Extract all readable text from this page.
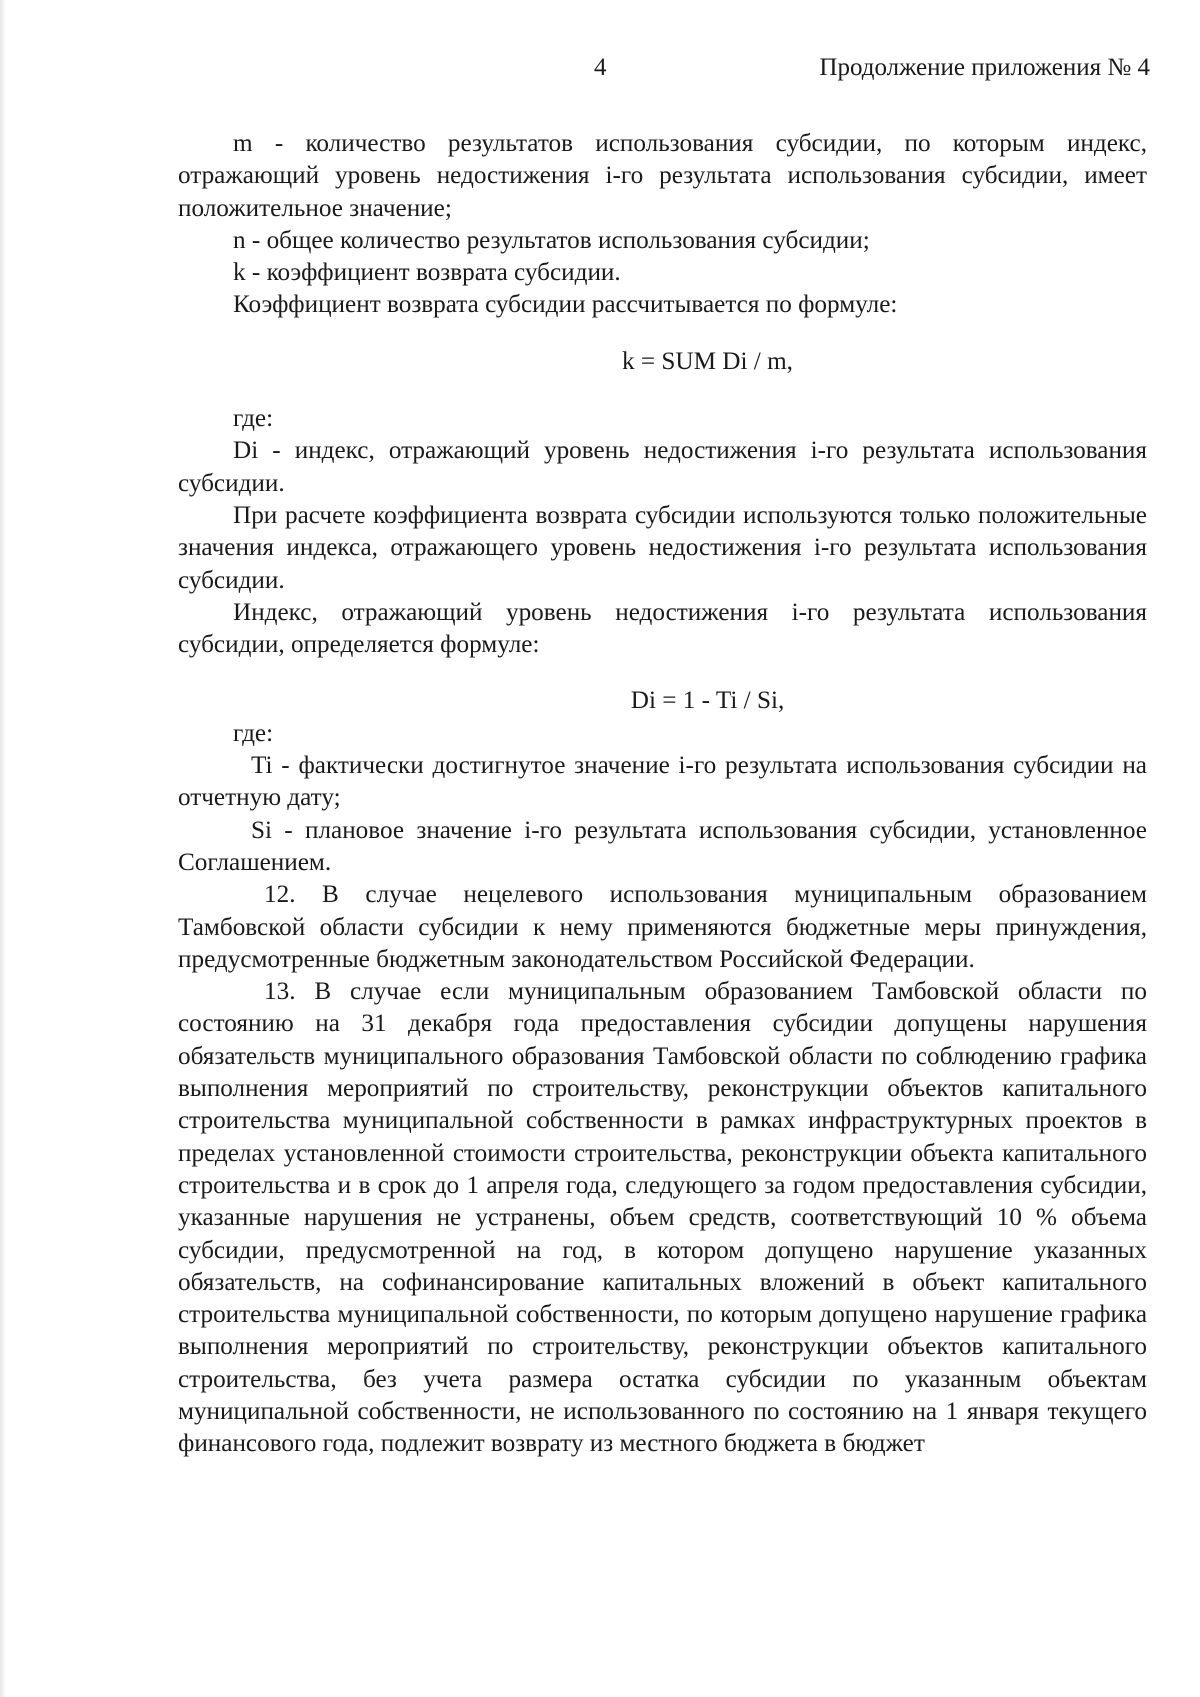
4	Продолжение приложения № 4

m - количество результатов использования субсидии, по которым индекс, отражающий уровень недостижения i-го результата использования субсидии, имеет положительное значение;

n - общее количество результатов использования субсидии;

k - коэффициент возврата субсидии.

Коэффициент возврата субсидии рассчитывается по формуле:

k = SUM Di / m,

где:

Di - индекс, отражающий уровень недостижения i-го результата использования субсидии.

При расчете коэффициента возврата субсидии используются только положительные значения индекса, отражающего уровень недостижения i-го результата использования субсидии.

Индекс, отражающий уровень недостижения i-го результата использования субсидии, определяется формуле:

Di = 1 - Ti / Si,

где:

Ti - фактически достигнутое значение i-го результата использования субсидии на отчетную дату;

Si - плановое значение i-го результата использования субсидии, установленное Соглашением.

12. В случае нецелевого использования муниципальным образованием Тамбовской области субсидии к нему применяются бюджетные меры принуждения, предусмотренные бюджетным законодательством Российской Федерации.

13. В случае если муниципальным образованием Тамбовской области по состоянию на 31 декабря года предоставления субсидии допущены нарушения обязательств муниципального образования Тамбовской области по соблюдению графика выполнения мероприятий по строительству, реконструкции объектов капитального строительства муниципальной собственности в рамках инфраструктурных проектов в пределах установленной стоимости строительства, реконструкции объекта капитального строительства и в срок до 1 апреля года, следующего за годом предоставления субсидии, указанные нарушения не устранены, объем средств, соответствующий 10 % объема субсидии, предусмотренной на год, в котором допущено нарушение указанных обязательств, на софинансирование капитальных вложений в объект капитального строительства муниципальной собственности, по которым допущено нарушение графика выполнения мероприятий по строительству, реконструкции объектов капитального строительства, без учета размера остатка субсидии по указанным объектам муниципальной собственности, не использованного по состоянию на 1 января текущего финансового года, подлежит возврату из местного бюджета в бюджет
